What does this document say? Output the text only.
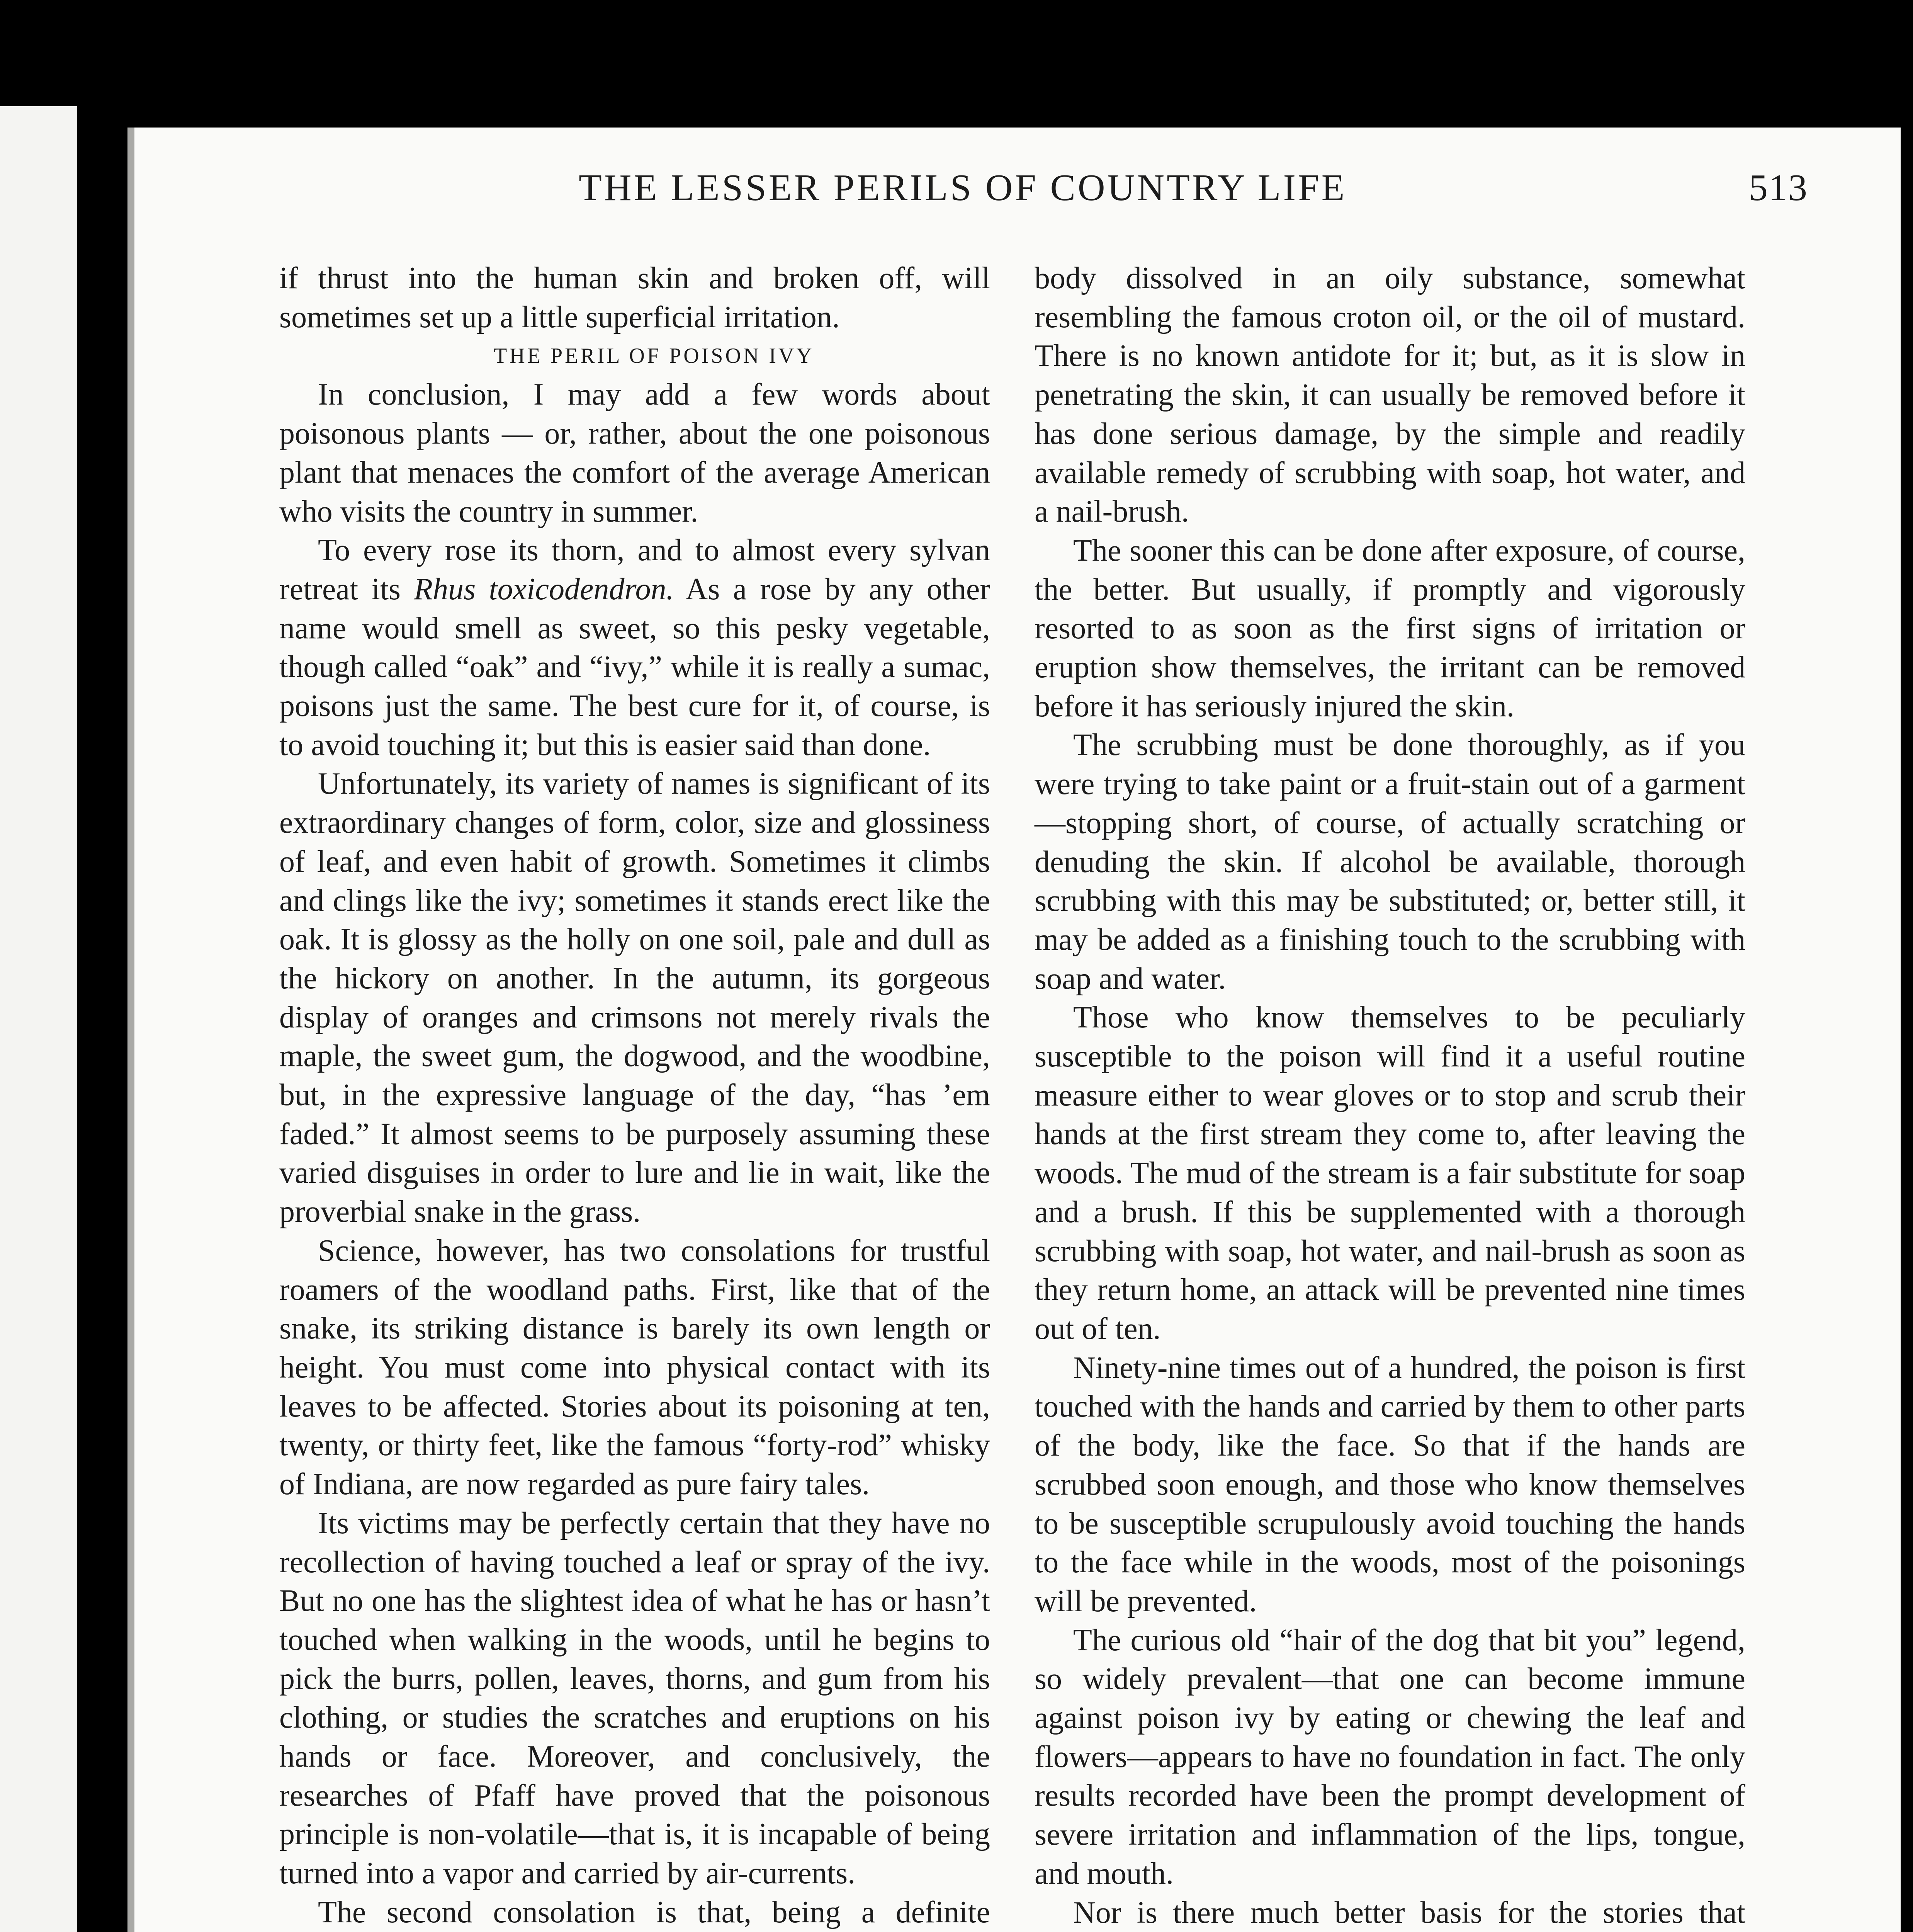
THE LESSER PERILS OF COUNTRY LIFE	513

if thrust into the human skin and broken off, will sometimes set up a little superficial irritation.

THE PERIL OF POISON IVY

In conclusion, I may add a few words about poisonous plants — or, rather, about the one poisonous plant that menaces the comfort of the average American who visits the country in summer.

To every rose its thorn, and to almost every sylvan retreat its Rhus toxicodendron. As a rose by any other name would smell as sweet, so this pesky vegetable, though called “oak” and “ivy,” while it is really a sumac, poisons just the same. The best cure for it, of course, is to avoid touching it; but this is easier said than done.

Unfortunately, its variety of names is significant of its extraordinary changes of form, color, size and glossiness of leaf, and even habit of growth. Sometimes it climbs and clings like the ivy; sometimes it stands erect like the oak. It is glossy as the holly on one soil, pale and dull as the hickory on another. In the autumn, its gorgeous display of oranges and crimsons not merely rivals the maple, the sweet gum, the dogwood, and the woodbine, but, in the expressive language of the day, “has ’em faded.” It almost seems to be purposely assuming these varied disguises in order to lure and lie in wait, like the proverbial snake in the grass.

Science, however, has two consolations for trustful roamers of the woodland paths. First, like that of the snake, its striking distance is barely its own length or height. You must come into physical contact with its leaves to be affected. Stories about its poisoning at ten, twenty, or thirty feet, like the famous “forty-rod” whisky of Indiana, are now regarded as pure fairy tales.

Its victims may be perfectly certain that they have no recollection of having touched a leaf or spray of the ivy. But no one has the slightest idea of what he has or hasn’t touched when walking in the woods, until he begins to pick the burrs, pollen, leaves, thorns, and gum from his clothing, or studies the scratches and eruptions on his hands or face. Moreover, and conclusively, the researches of Pfaff have proved that the poisonous principle is non-volatile—that is, it is incapable of being turned into a vapor and carried by air-currents.

The second consolation is that, being a definite

body dissolved in an oily substance, somewhat resembling the famous croton oil, or the oil of mustard. There is no known antidote for it; but, as it is slow in penetrating the skin, it can usually be removed before it has done serious damage, by the simple and readily available remedy of scrubbing with soap, hot water, and a nail-brush.

The sooner this can be done after exposure, of course, the better. But usually, if promptly and vigorously resorted to as soon as the first signs of irritation or eruption show themselves, the irritant can be removed before it has seriously injured the skin.

The scrubbing must be done thoroughly, as if you were trying to take paint or a fruit-stain out of a garment—stopping short, of course, of actually scratching or denuding the skin. If alcohol be available, thorough scrubbing with this may be substituted; or, better still, it may be added as a finishing touch to the scrubbing with soap and water.

Those who know themselves to be peculiarly susceptible to the poison will find it a useful routine measure either to wear gloves or to stop and scrub their hands at the first stream they come to, after leaving the woods. The mud of the stream is a fair substitute for soap and a brush. If this be supplemented with a thorough scrubbing with soap, hot water, and nail-brush as soon as they return home, an attack will be prevented nine times out of ten.

Ninety-nine times out of a hundred, the poison is first touched with the hands and carried by them to other parts of the body, like the face. So that if the hands are scrubbed soon enough, and those who know themselves to be susceptible scrupulously avoid touching the hands to the face while in the woods, most of the poisonings will be prevented.

The curious old “hair of the dog that bit you” legend, so widely prevalent—that one can become immune against poison ivy by eating or chewing the leaf and flowers—appears to have no foundation in fact. The only results recorded have been the prompt development of severe irritation and inflammation of the lips, tongue, and mouth.

Nor is there much better basis for the stories that
